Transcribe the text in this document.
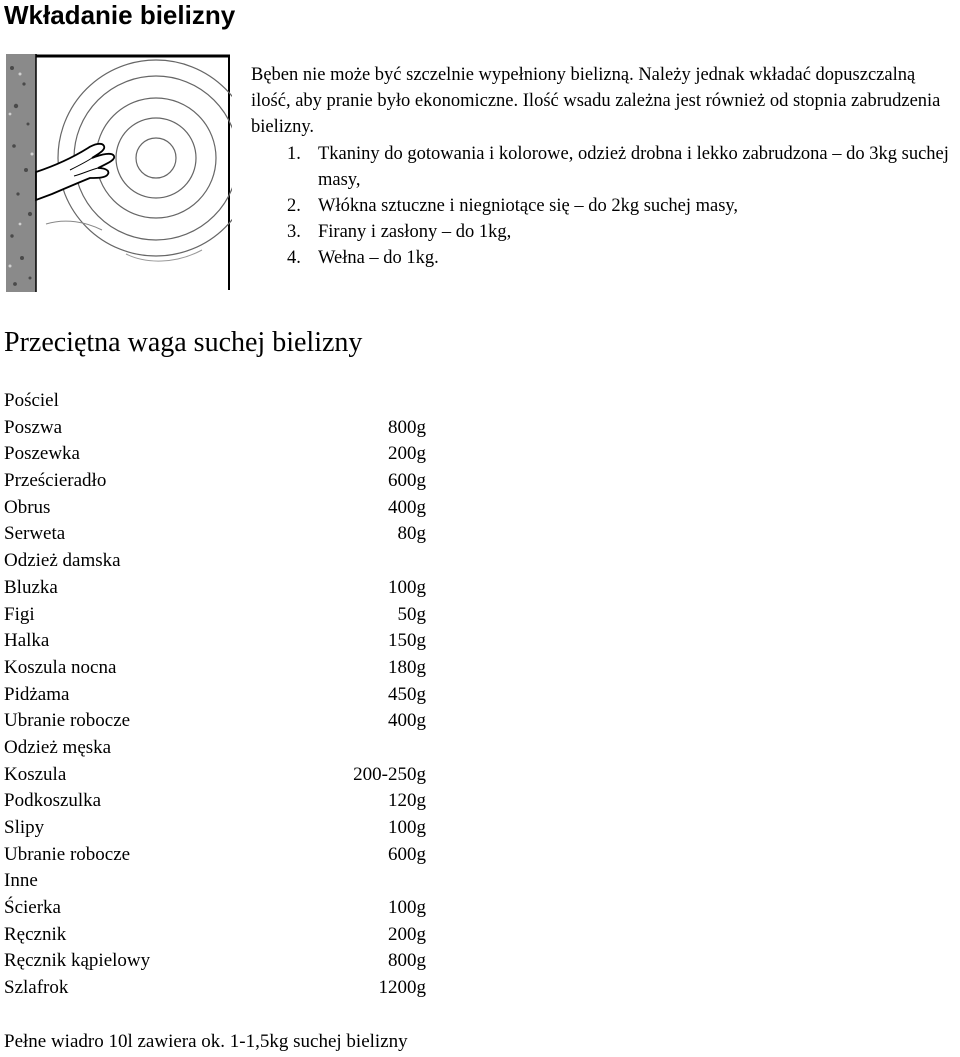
Wkładanie bielizny

Bęben nie może być szczelnie wypełniony bielizną. Należy jednak wkładać dopuszczalną ilość, aby pranie było ekonomiczne. Ilość wsadu zależna jest również od stopnia zabrudzenia bielizny.

1. Tkaniny do gotowania i kolorowe, odzież drobna i lekko zabrudzona – do 3kg suchej masy,
2. Włókna sztuczne i niegniotące się – do 2kg suchej masy,
3. Firany i zasłony – do 1kg,
4. Wełna – do 1kg.
Przeciętna waga suchej bielizny
Pościel
Poszwa	800g
Poszewka	200g
Prześcieradło	600g
Obrus	400g
Serweta	80g
Odzież damska
Bluzka	100g
Figi	50g
Halka	150g
Koszula nocna	180g
Pidżama	450g
Ubranie robocze	400g
Odzież męska
Koszula	200-250g
Podkoszulka	120g
Slipy	100g
Ubranie robocze	600g
Inne
Ścierka	100g
Ręcznik	200g
Ręcznik kąpielowy	800g
Szlafrok	1200g

Pełne wiadro 10l zawiera ok. 1-1,5kg suchej bielizny
